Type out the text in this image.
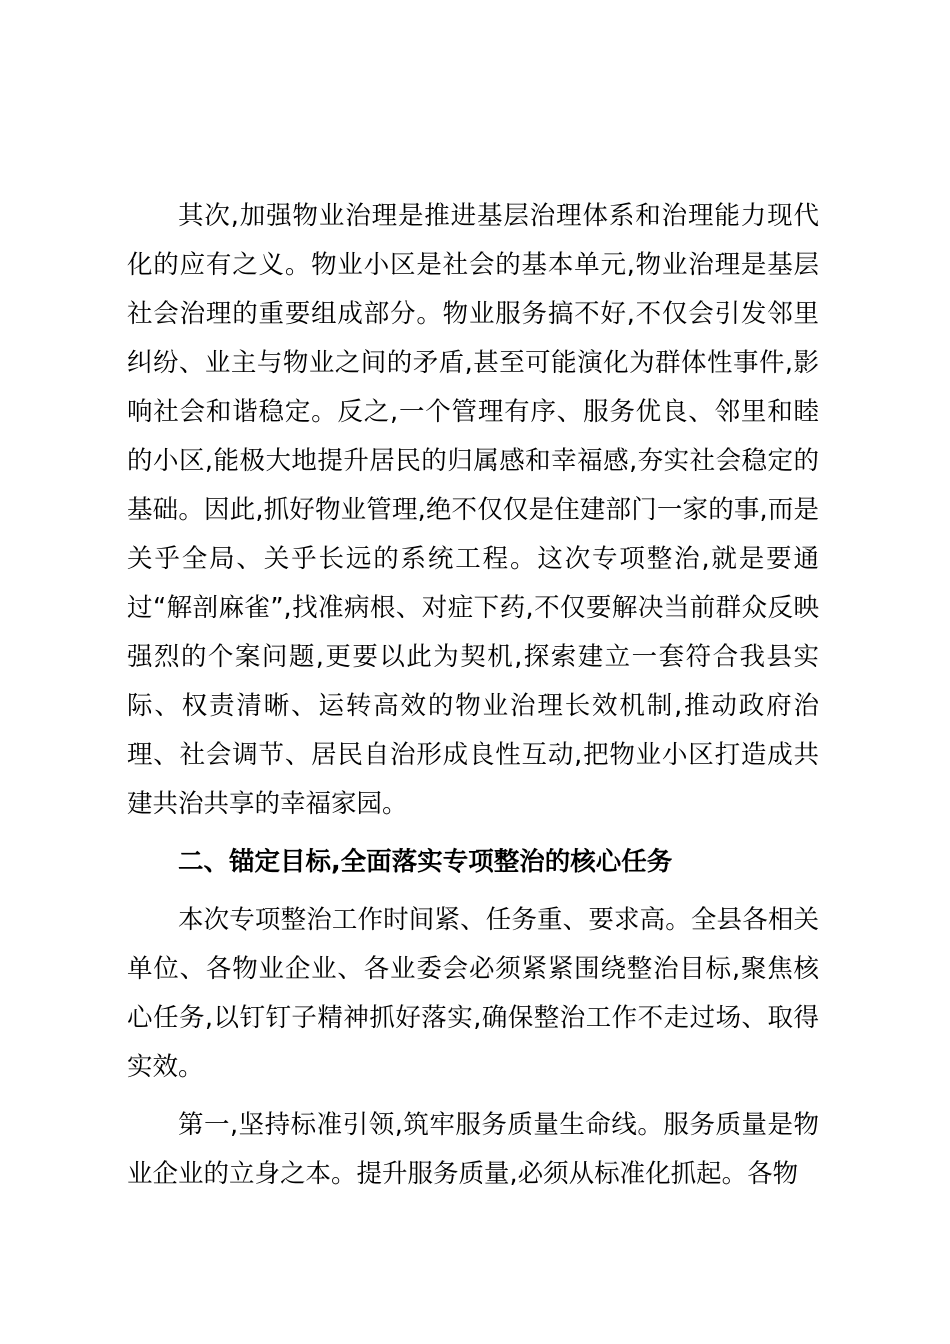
其次,加强物业治理是推进基层治理体系和治理能力现代化的应有之义。物业小区是社会的基本单元,物业治理是基层社会治理的重要组成部分。物业服务搞不好,不仅会引发邻里纠纷、业主与物业之间的矛盾,甚至可能演化为群体性事件,影响社会和谐稳定。反之,一个管理有序、服务优良、邻里和睦的小区,能极大地提升居民的归属感和幸福感,夯实社会稳定的基础。因此,抓好物业管理,绝不仅仅是住建部门一家的事,而是关乎全局、关乎长远的系统工程。这次专项整治,就是要通过“解剖麻雀”,找准病根、对症下药,不仅要解决当前群众反映强烈的个案问题,更要以此为契机,探索建立一套符合我县实际、权责清晰、运转高效的物业治理长效机制,推动政府治理、社会调节、居民自治形成良性互动,把物业小区打造成共建共治共享的幸福家园。

二、锚定目标,全面落实专项整治的核心任务

本次专项整治工作时间紧、任务重、要求高。全县各相关单位、各物业企业、各业委会必须紧紧围绕整治目标,聚焦核心任务,以钉钉子精神抓好落实,确保整治工作不走过场、取得实效。

第一,坚持标准引领,筑牢服务质量生命线。服务质量是物业企业的立身之本。提升服务质量,必须从标准化抓起。各物
